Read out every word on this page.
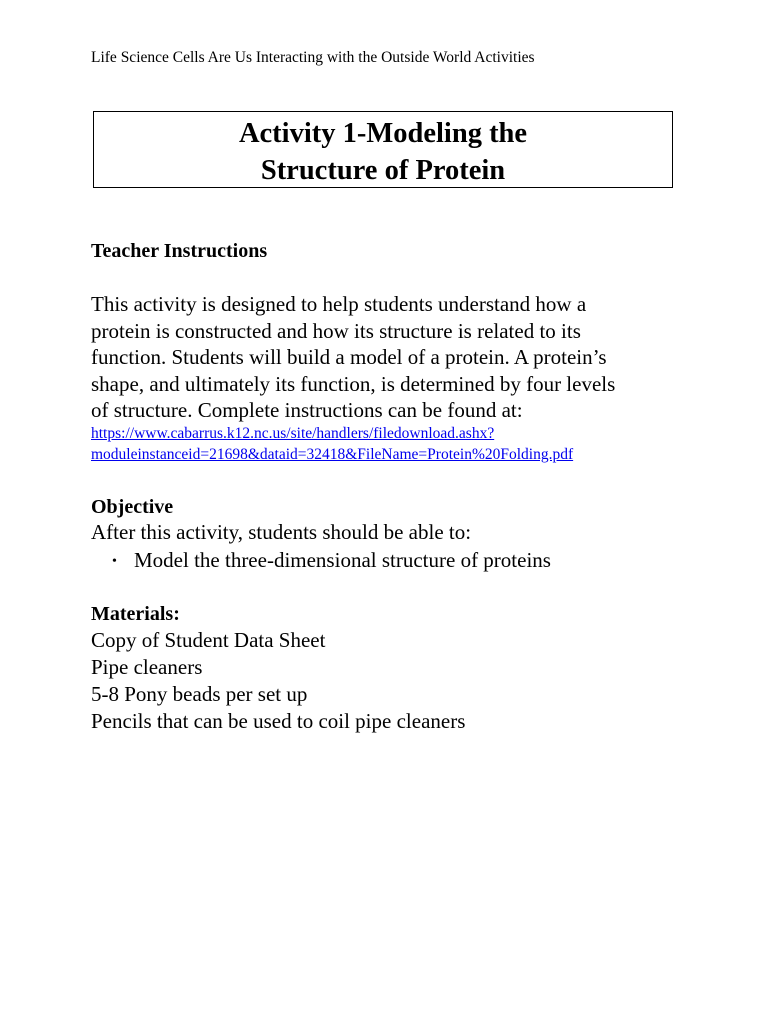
Life Science Cells Are Us Interacting with the Outside World Activities
Activity 1-Modeling the
Structure of Protein
Teacher Instructions
This activity is designed to help students understand how a
protein is constructed and how its structure is related to its
function. Students will build a model of a protein. A protein’s
shape, and ultimately its function, is determined by four levels
of structure. Complete instructions can be found at:
https://www.cabarrus.k12.nc.us/site/handlers/filedownload.ashx?
moduleinstanceid=21698&dataid=32418&FileName=Protein%20Folding.pdf
Objective
After this activity, students should be able to:
• Model the three-dimensional structure of proteins
Materials:
Copy of Student Data Sheet
Pipe cleaners
5-8 Pony beads per set up
Pencils that can be used to coil pipe cleaners
